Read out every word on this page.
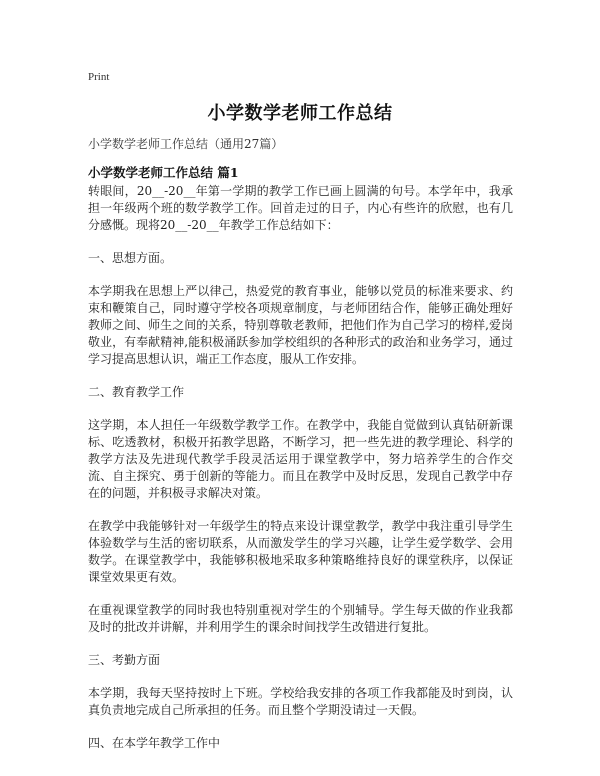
Print
小学数学老师工作总结
小学数学老师工作总结（通用27篇）
小学数学老师工作总结 篇1

转眼间，20__-20__年第一学期的教学工作已画上圆满的句号。本学年中，我承担一年级两个班的数学教学工作。回首走过的日子，内心有些许的欣慰，也有几分感慨。现将20__-20__年教学工作总结如下：

一、思想方面。

本学期我在思想上严以律己，热爱党的教育事业，能够以党员的标准来要求、约束和鞭策自己，同时遵守学校各项规章制度，与老师团结合作，能够正确处理好教师之间、师生之间的关系，特别尊敬老教师，把他们作为自己学习的榜样,爱岗敬业，有奉献精神,能积极涌跃参加学校组织的各种形式的政治和业务学习，通过学习提高思想认识，端正工作态度，服从工作安排。

二、教育教学工作

这学期，本人担任一年级数学教学工作。在教学中，我能自觉做到认真钻研新课标、吃透教材，积极开拓教学思路，不断学习，把一些先进的教学理论、科学的教学方法及先进现代教学手段灵活运用于课堂教学中，努力培养学生的合作交流、自主探究、勇于创新的等能力。而且在教学中及时反思，发现自己教学中存在的问题，并积极寻求解决对策。

在教学中我能够针对一年级学生的特点来设计课堂教学，教学中我注重引导学生体验数学与生活的密切联系，从而激发学生的学习兴趣，让学生爱学数学、会用数学。在课堂教学中，我能够积极地采取多种策略维持良好的课堂秩序，以保证课堂效果更有效。

在重视课堂教学的同时我也特别重视对学生的个别辅导。学生每天做的作业我都及时的批改并讲解，并利用学生的课余时间找学生改错进行复批。

三、考勤方面

本学期，我每天坚持按时上下班。学校给我安排的各项工作我都能及时到岗，认真负责地完成自己所承担的任务。而且整个学期没请过一天假。

四、在本学年教学工作中
